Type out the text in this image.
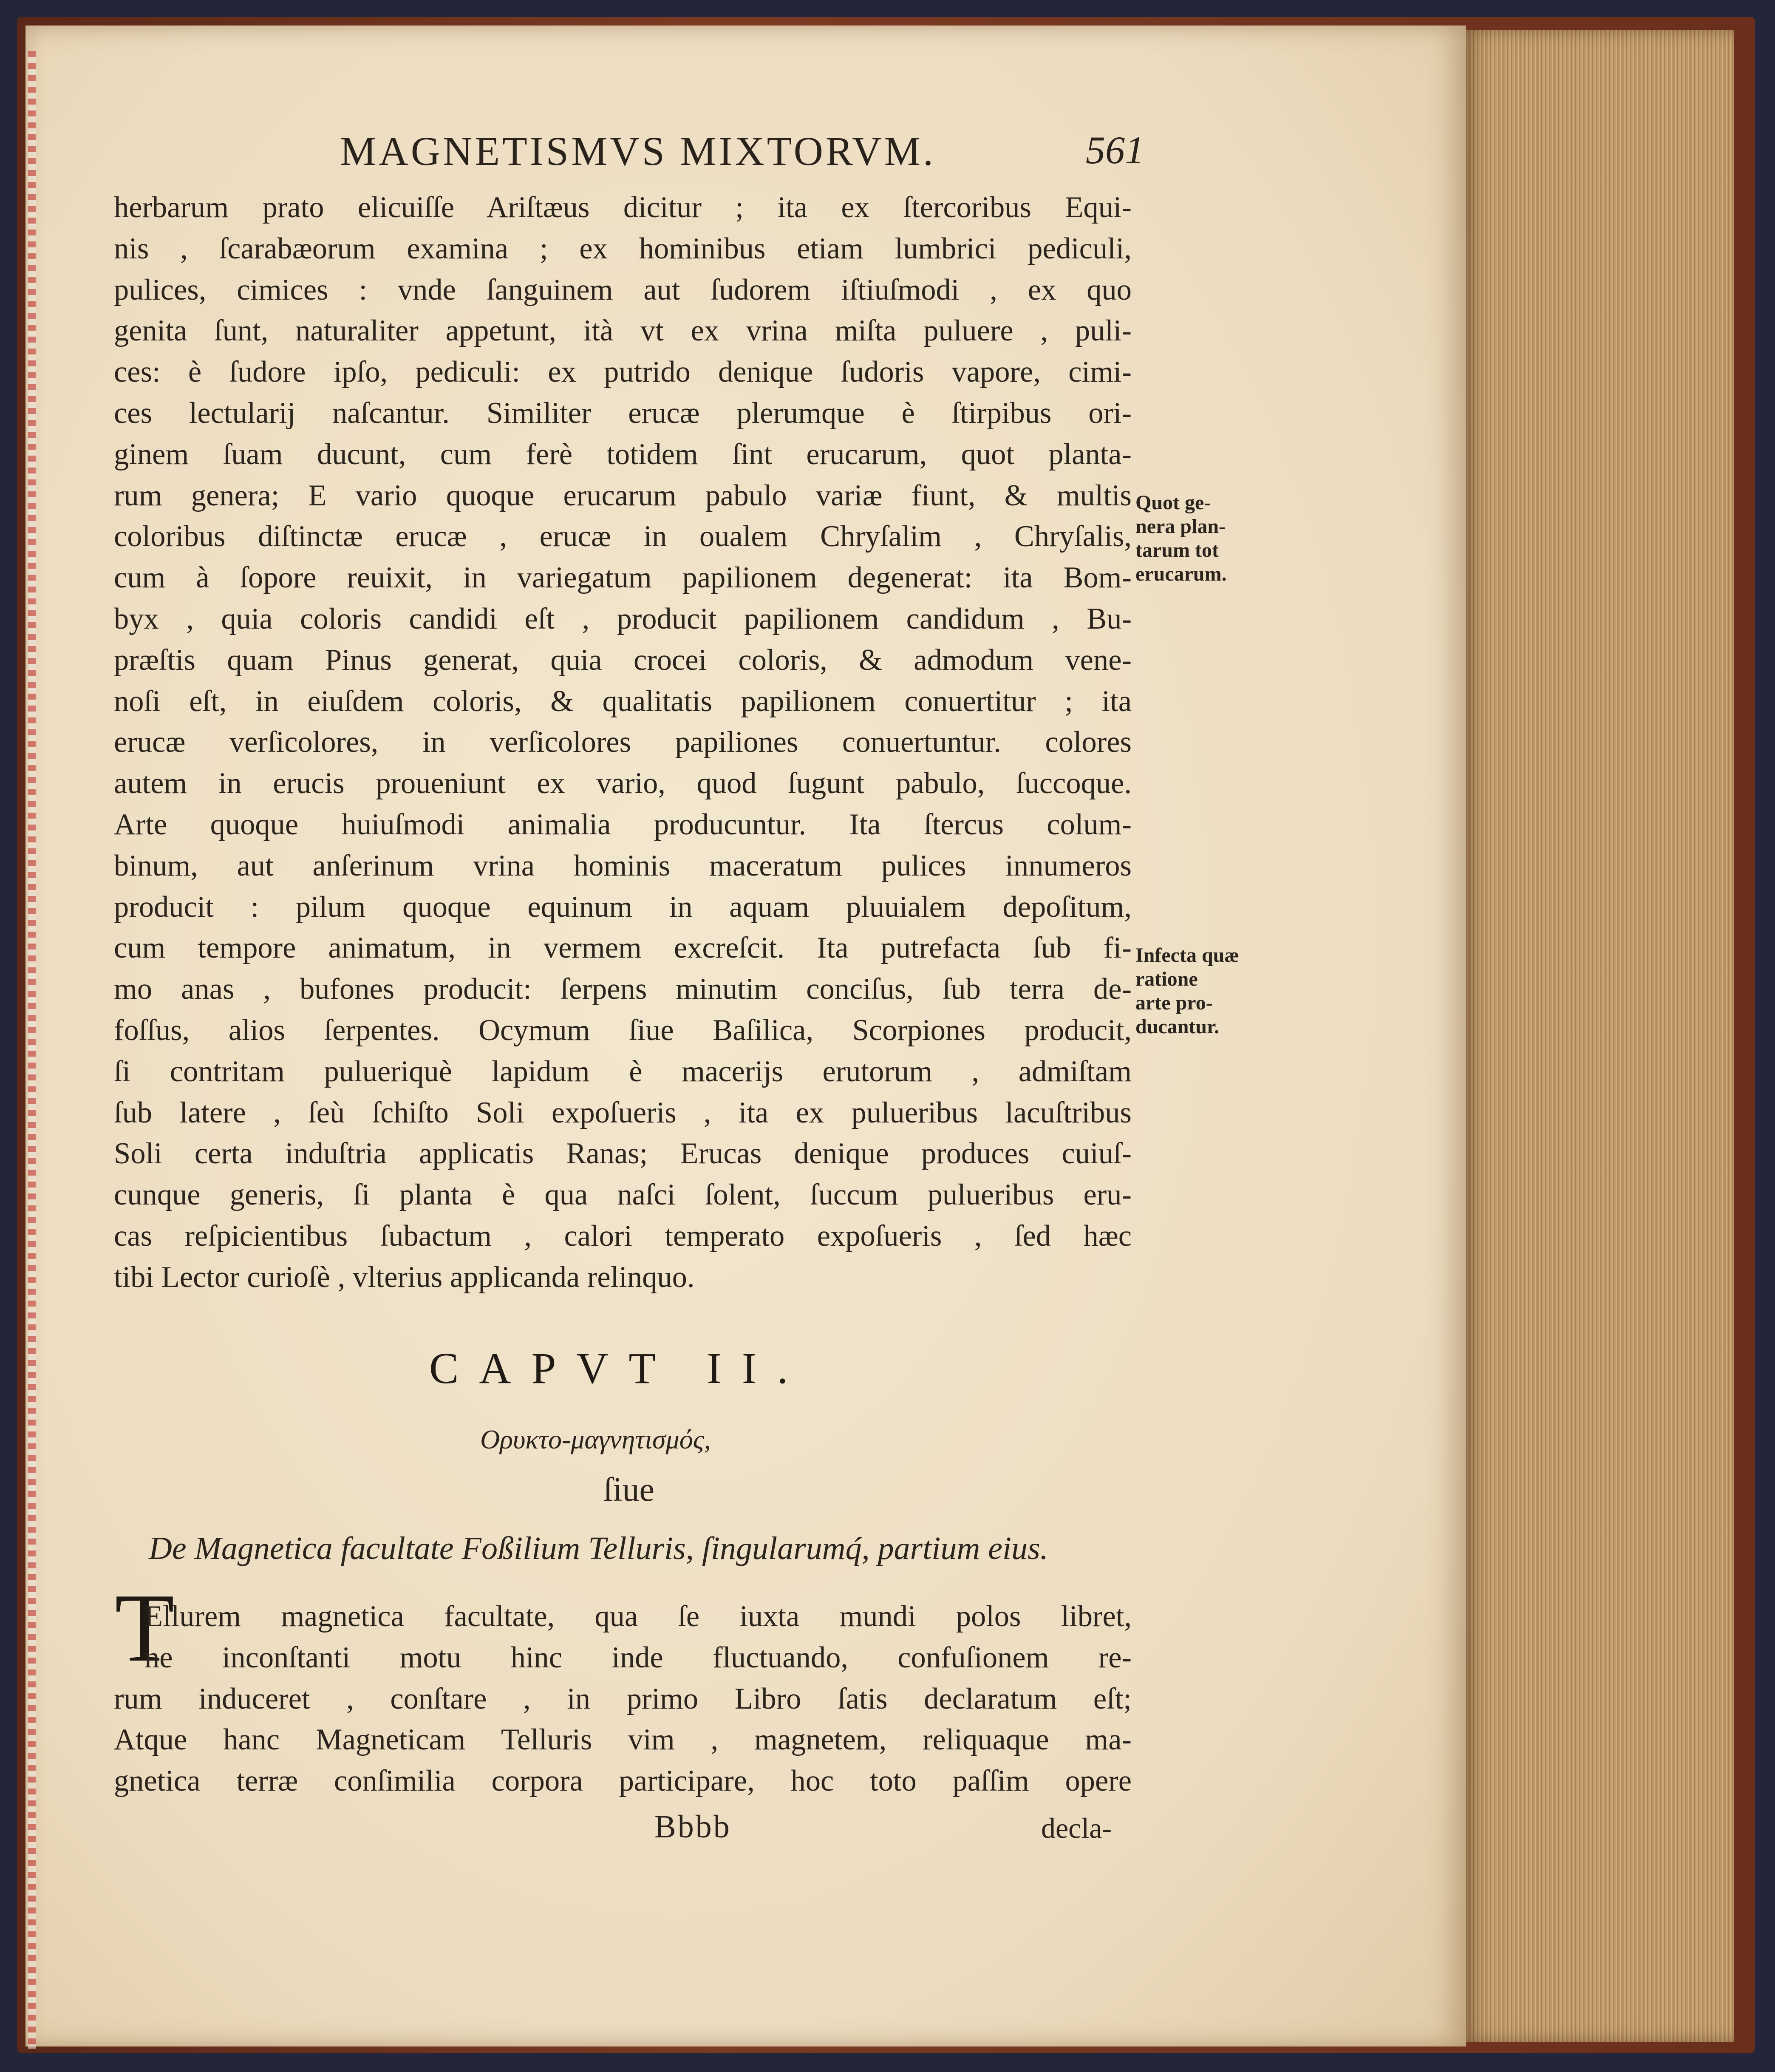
MAGNETISMVS MIXTORVM.	561
herbarum prato elicuiſſe Ariſtæus dicitur ; ita ex ſtercoribus Equi-
nis , ſcarabæorum examina ; ex hominibus etiam lumbrici pediculi,
pulices, cimices : vnde ſanguinem aut ſudorem iſtiuſmodi , ex quo
genita ſunt, naturaliter appetunt, ità vt ex vrina miſta puluere , puli-
ces: è ſudore ipſo, pediculi: ex putrido denique ſudoris vapore, cimi-
ces lectularij naſcantur. Similiter erucæ plerumque è ſtirpibus ori-
ginem ſuam ducunt, cum ferè totidem ſint erucarum, quot planta-
rum genera; E vario quoque erucarum pabulo variæ fiunt, & multis
coloribus diſtinctæ erucæ , erucæ in oualem Chryſalim , Chryſalis,
cum à ſopore reuixit, in variegatum papilionem degenerat: ita Bom-
byx , quia coloris candidi eſt , producit papilionem candidum , Bu-
præſtis quam Pinus generat, quia crocei coloris, & admodum vene-
noſi eſt, in eiuſdem coloris, & qualitatis papilionem conuertitur ; ita
erucæ verſicolores, in verſicolores papiliones conuertuntur. colores
autem in erucis proueniunt ex vario, quod ſugunt pabulo, ſuccoque.
Arte quoque huiuſmodi animalia producuntur. Ita ſtercus colum-
binum, aut anſerinum vrina hominis maceratum pulices innumeros
producit : pilum quoque equinum in aquam pluuialem depoſitum,
cum tempore animatum, in vermem excreſcit. Ita putrefacta ſub fi-
mo anas , bufones producit: ſerpens minutim conciſus, ſub terra de-
foſſus, alios ſerpentes. Ocymum ſiue Baſilica, Scorpiones producit,
ſi contritam pulueriquè lapidum è macerijs erutorum , admiſtam
ſub latere , ſeù ſchiſto Soli expoſueris , ita ex pulueribus lacuſtribus
Soli certa induſtria applicatis Ranas; Erucas denique produces cuiuſ-
cunque generis, ſi planta è qua naſci ſolent, ſuccum pulueribus eru-
cas reſpicientibus ſubactum , calori temperato expoſueris , ſed hæc
tibi Lector curioſè , vlterius applicanda relinquo.
Quot ge-
nera plan-
tarum tot
erucarum.
Infecta quæ
ratione
arte pro-
ducantur.
CAPVT II.
Ορυκτο-μαγνητισμός,
ſiue
De Magnetica facultate Foßilium Telluris, ſingularumq́, partium eius.
T
Ellurem magnetica facultate, qua ſe iuxta mundi polos libret,
ne inconſtanti motu hinc inde fluctuando, confuſionem re-
rum induceret , conſtare , in primo Libro ſatis declaratum eſt;
Atque hanc Magneticam Telluris vim , magnetem, reliquaque ma-
gnetica terræ conſimilia corpora participare, hoc toto paſſim opere
Bbbb	decla-
